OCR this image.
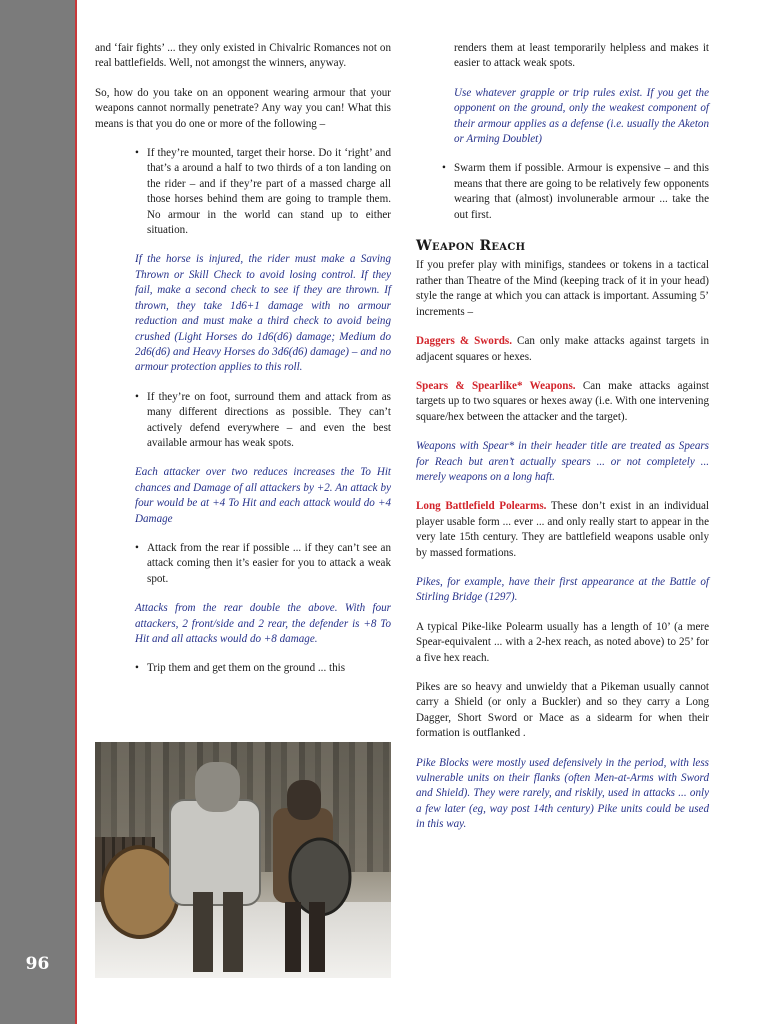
96

and ‘fair fights’ ... they only existed in Chivalric Romances not on real battlefields. Well, not amongst the winners, anyway.

So, how do you take on an opponent wearing armour that your weapons cannot normally penetrate? Any way you can! What this means is that you do one or more of the following –

• If they’re mounted, target their horse. Do it ‘right’ and that’s a around a half to two thirds of a ton landing on the rider – and if they’re part of a massed charge all those horses behind them are going to trample them. No armour in the world can stand up to either situation.

If the horse is injured, the rider must make a Saving Thrown or Skill Check to avoid losing control. If they fail, make a second check to see if they are thrown. If thrown, they take 1d6+1 damage with no armour reduction and must make a third check to avoid being crushed (Light Horses do 1d6(d6) damage; Medium do 2d6(d6) and Heavy Horses do 3d6(d6) damage) – and no armour protection applies to this roll.

• If they’re on foot, surround them and attack from as many different directions as possible. They can’t actively defend everywhere – and even the best available armour has weak spots.

Each attacker over two reduces increases the To Hit chances and Damage of all attackers by +2. An attack by four would be at +4 To Hit and each attack would do +4 Damage

• Attack from the rear if possible ... if they can’t see an attack coming then it’s easier for you to attack a weak spot.

Attacks from the rear double the above. With four attackers, 2 front/side and 2 rear, the defender is +8 To Hit and all attacks would do +8 damage.

• Trip them and get them on the ground ... this

renders them at least temporarily helpless and makes it easier to attack weak spots.

Use whatever grapple or trip rules exist. If you get the opponent on the ground, only the weakest component of their armour applies as a defense (i.e. usually the Aketon or Arming Doublet)

• Swarm them if possible. Armour is expensive – and this means that there are going to be relatively few opponents wearing that (almost) involunerable armour ... take the out first.
Weapon Reach

If you prefer play with minifigs, standees or tokens in a tactical rather than Theatre of the Mind (keeping track of it in your head) style the range at which you can attack is important. Assuming 5’ increments –

Daggers & Swords. Can only make attacks against targets in adjacent squares or hexes.

Spears & Spearlike* Weapons. Can make attacks against targets up to two squares or hexes away (i.e. With one intervening square/hex between the attacker and the target).

Weapons with Spear* in their header title are treated as Spears for Reach but aren’t actually spears ... or not completely ... merely weapons on a long haft.

Long Battlefield Polearms. These don’t exist in an individual player usable form ... ever ... and only really start to appear in the very late 15th century. They are battlefield weapons usable only by massed formations.

Pikes, for example, have their first appearance at the Battle of Stirling Bridge (1297).

A typical Pike-like Polearm usually has a length of 10’ (a mere Spear-equivalent ... with a 2-hex reach, as noted above) to 25’ for a five hex reach.

Pikes are so heavy and unwieldy that a Pikeman usually cannot carry a Shield (or only a Buckler) and so they carry a Long Dagger, Short Sword or Mace as a sidearm for when their formation is outflanked .

Pike Blocks were mostly used defensively in the period, with less vulnerable units on their flanks (often Men-at-Arms with Sword and Shield). They were rarely, and riskily, used in attacks ... only a few later (eg, way post 14th century) Pike units could be used in this way.
